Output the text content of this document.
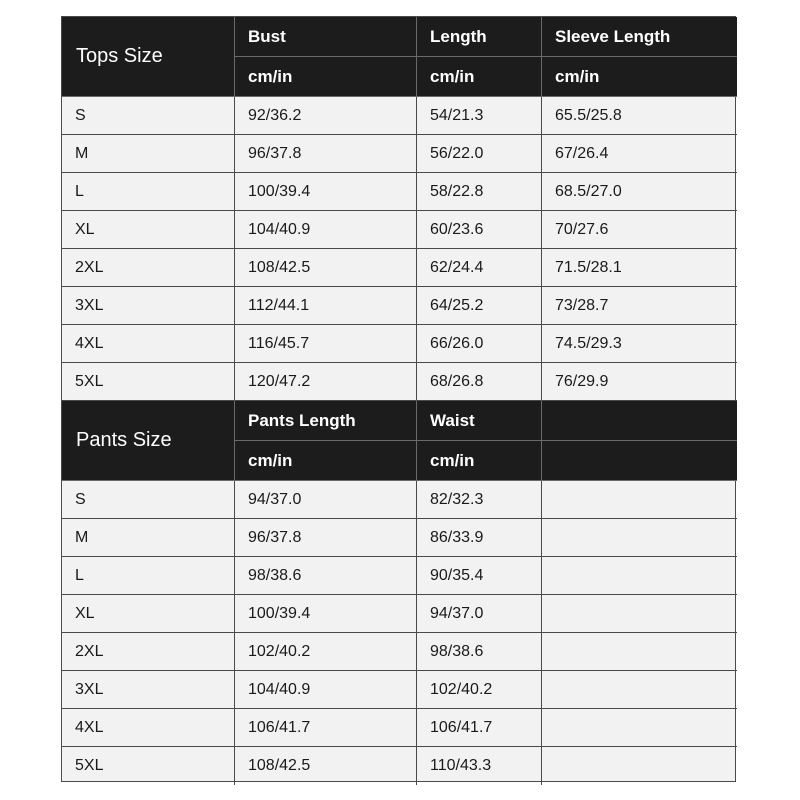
Tops Size
Bust	Length	Sleeve Length
cm/in	cm/in	cm/in
S	92/36.2	54/21.3	65.5/25.8
M	96/37.8	56/22.0	67/26.4
L	100/39.4	58/22.8	68.5/27.0
XL	104/40.9	60/23.6	70/27.6
2XL	108/42.5	62/24.4	71.5/28.1
3XL	112/44.1	64/25.2	73/28.7
4XL	116/45.7	66/26.0	74.5/29.3
5XL	120/47.2	68/26.8	76/29.9
Pants Size
Pants Length	Waist
cm/in	cm/in
S	94/37.0	82/32.3
M	96/37.8	86/33.9
L	98/38.6	90/35.4
XL	100/39.4	94/37.0
2XL	102/40.2	98/38.6
3XL	104/40.9	102/40.2
4XL	106/41.7	106/41.7
5XL	108/42.5	110/43.3
